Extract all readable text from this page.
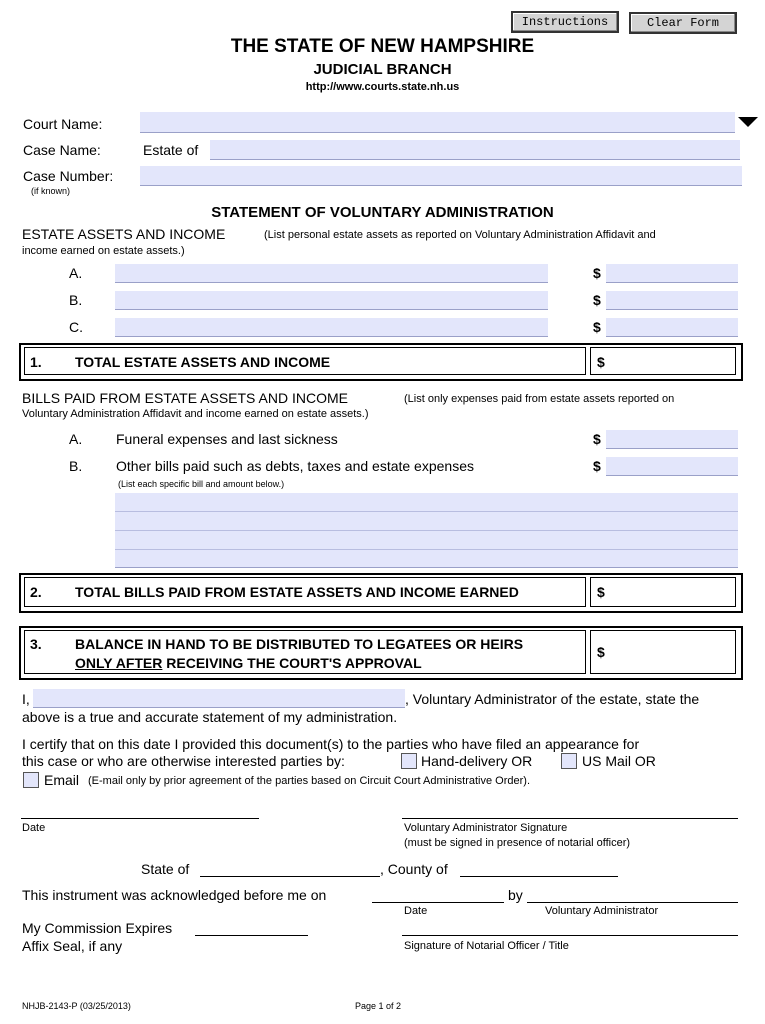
Instructions	Clear Form
THE STATE OF NEW HAMPSHIRE
JUDICIAL BRANCH
http://www.courts.state.nh.us
Court Name:
Case Name:	Estate of
Case Number:
(if known)
STATEMENT OF VOLUNTARY ADMINISTRATION
ESTATE ASSETS AND INCOME	(List personal estate assets as reported on Voluntary Administration Affidavit and
income earned on estate assets.)
A.	$
B.	$
C.	$
1. TOTAL ESTATE ASSETS AND INCOME	$
BILLS PAID FROM ESTATE ASSETS AND INCOME	(List only expenses paid from estate assets reported on
Voluntary Administration Affidavit and income earned on estate assets.)
A. Funeral expenses and last sickness	$
B. Other bills paid such as debts, taxes and estate expenses	$
(List each specific bill and amount below.)
2. TOTAL BILLS PAID FROM ESTATE ASSETS AND INCOME EARNED	$
3. BALANCE IN HAND TO BE DISTRIBUTED TO LEGATEES OR HEIRS
ONLY AFTER RECEIVING THE COURT'S APPROVAL
$
I,	, Voluntary Administrator of the estate, state the
above is a true and accurate statement of my administration.
I certify that on this date I provided this document(s) to the parties who have filed an appearance for
this case or who are otherwise interested parties by:	Hand-delivery OR	US Mail OR
Email (E-mail only by prior agreement of the parties based on Circuit Court Administrative Order).
Date	Voluntary Administrator Signature
(must be signed in presence of notarial officer)
State of	, County of
This instrument was acknowledged before me on	by
Date	Voluntary Administrator
My Commission Expires
Affix Seal, if any	Signature of Notarial Officer / Title
NHJB-2143-P (03/25/2013)	Page 1 of 2
